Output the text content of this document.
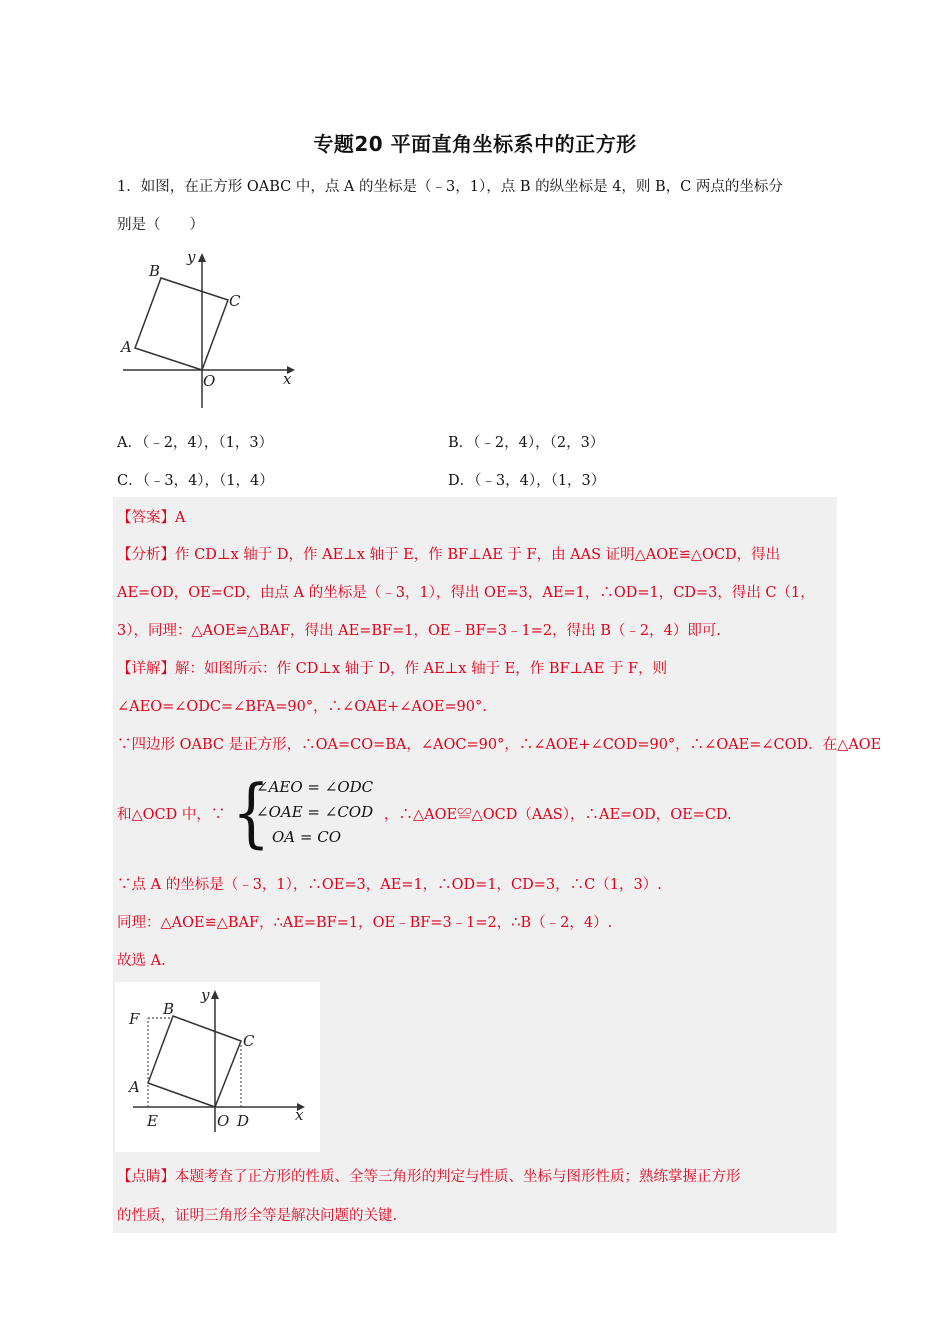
专题20 平面直角坐标系中的正方形
1．如图，在正方形 OABC 中，点 A 的坐标是（﹣3，1），点 B 的纵坐标是 4，则 B，C 两点的坐标分
别是（　　）
y
x
B
C
A
O
A．（﹣2，4），（1，3）	B．（﹣2，4），（2，3）
C．（﹣3，4），（1，4）	D．（﹣3，4），（1，3）
【答案】A
【分析】作 CD⊥x 轴于 D，作 AE⊥x 轴于 E，作 BF⊥AE 于 F，由 AAS 证明△AOE≌△OCD，得出
AE=OD，OE=CD，由点 A 的坐标是（﹣3，1），得出 OE=3，AE=1，∴OD=1，CD=3，得出 C（1，
3），同理：△AOE≌△BAF，得出 AE=BF=1，OE﹣BF=3﹣1=2，得出 B（﹣2，4）即可.
【详解】解：如图所示：作 CD⊥x 轴于 D，作 AE⊥x 轴于 E，作 BF⊥AE 于 F，则
∠AEO=∠ODC=∠BFA=90°，∴∠OAE+∠AOE=90°.
∵四边形 OABC 是正方形，∴OA=CO=BA，∠AOC=90°，∴∠AOE+∠COD=90°，∴∠OAE=∠COD．在△AOE
和△OCD 中，∵ {
∠AEO = ∠ODC
∠OAE = ∠COD
OA = CO
，∴△AOE≌△OCD（AAS），∴AE=OD，OE=CD.
∵点 A 的坐标是（﹣3，1），∴OE=3，AE=1，∴OD=1，CD=3，∴C（1，3）.
同理：△AOE≌△BAF，∴AE=BF=1，OE﹣BF=3﹣1=2，∴B（﹣2，4）.
故选 A.
F
B
y
C
A
E	O D	x
【点睛】本题考查了正方形的性质、全等三角形的判定与性质、坐标与图形性质；熟练掌握正方形
的性质，证明三角形全等是解决问题的关键.
